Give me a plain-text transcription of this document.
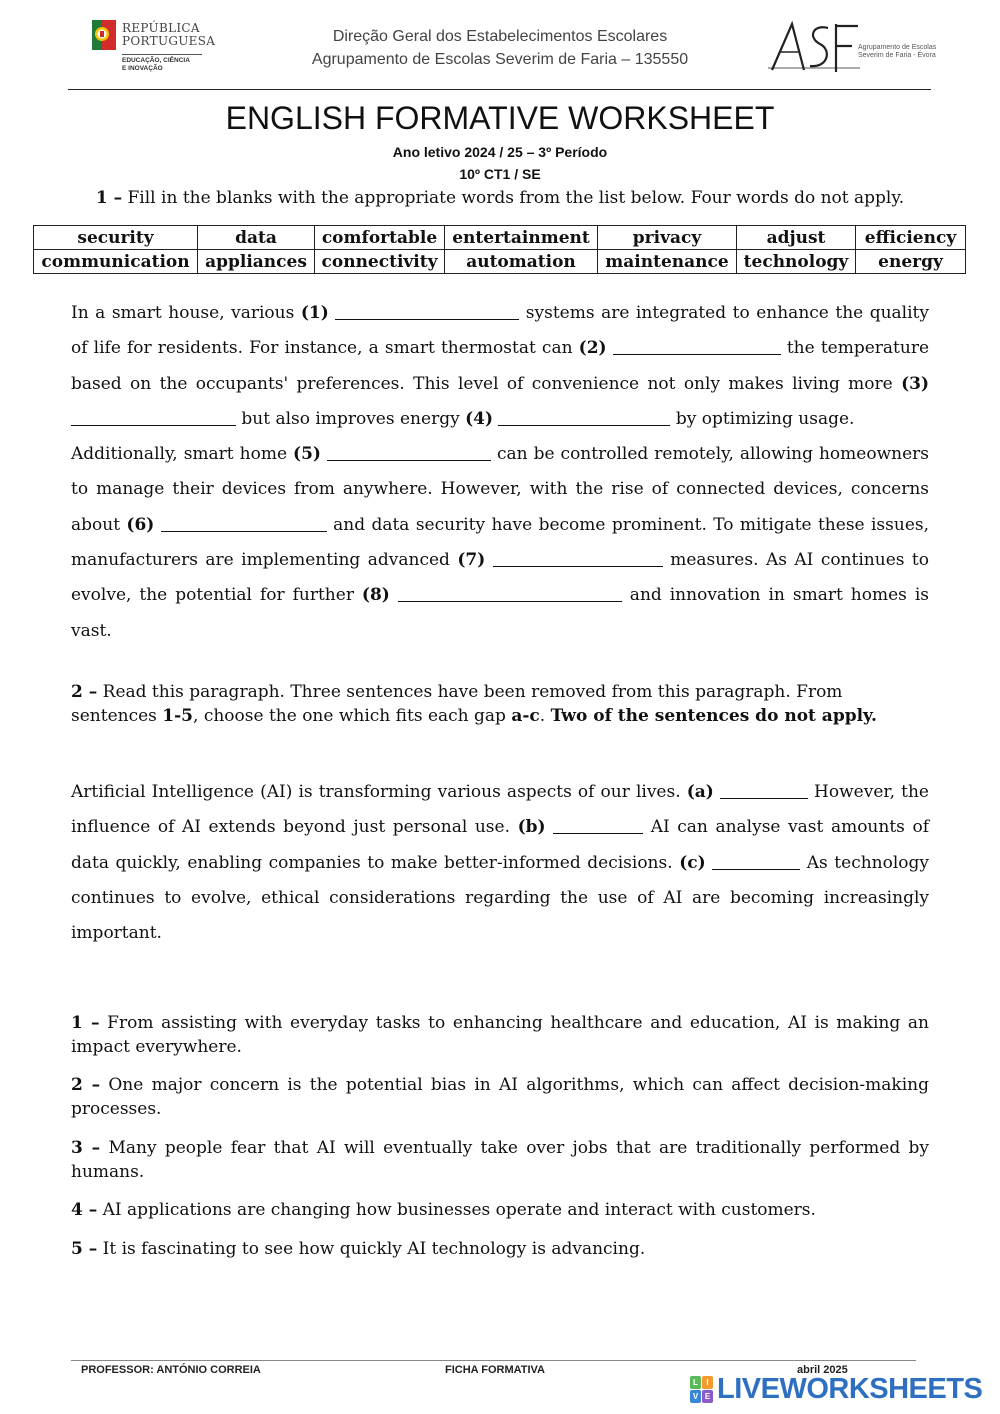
REPÚBLICA
PORTUGUESA
EDUCAÇÃO, CIÊNCIA
E INOVAÇÃO
Direção Geral dos Estabelecimentos Escolares
Agrupamento de Escolas Severim de Faria – 135550
Agrupamento de Escolas
Severim de Faria - Évora
ENGLISH FORMATIVE WORKSHEET
Ano letivo 2024 / 25 – 3º Período
10º CT1 / SE
1 – Fill in the blanks with the appropriate words from the list below. Four words do not apply.
security	data	comfortable	entertainment	privacy	adjust	efficiency
communication	appliances	connectivity	automation	maintenance	technology	energy
In a smart house, various (1)	systems are integrated to enhance the quality of life for residents. For instance, a smart thermostat can (2)	the temperature based on the occupants' preferences. This level of convenience not only makes living more (3)  but also improves energy (4)	by optimizing usage.
Additionally, smart home (5)	can be controlled remotely, allowing homeowners to manage their devices from anywhere. However, with the rise of connected devices, concerns about (6)	and data security have become prominent. To mitigate these issues, manufacturers are implementing advanced (7)	measures. As AI continues to evolve, the potential for further (8)	and innovation in smart homes is vast.
2 – Read this paragraph. Three sentences have been removed from this paragraph. From sentences 1-5, choose the one which fits each gap a-c. Two of the sentences do not apply.
Artificial Intelligence (AI) is transforming various aspects of our lives. (a)	However, the influence of AI extends beyond just personal use. (b)	AI can analyse vast amounts of data quickly, enabling companies to make better-informed decisions. (c)	As technology continues to evolve, ethical considerations regarding the use of AI are becoming increasingly important.
1 – From assisting with everyday tasks to enhancing healthcare and education, AI is making an impact everywhere.
2 – One major concern is the potential bias in AI algorithms, which can affect decision-making processes.
3 – Many people fear that AI will eventually take over jobs that are traditionally performed by humans.
4 – AI applications are changing how businesses operate and interact with customers.
5 – It is fascinating to see how quickly AI technology is advancing.
PROFESSOR: ANTÓNIO CORREIA	FICHA FORMATIVA	abril 2025
L	I
V E LIVEWORKSHEETS
